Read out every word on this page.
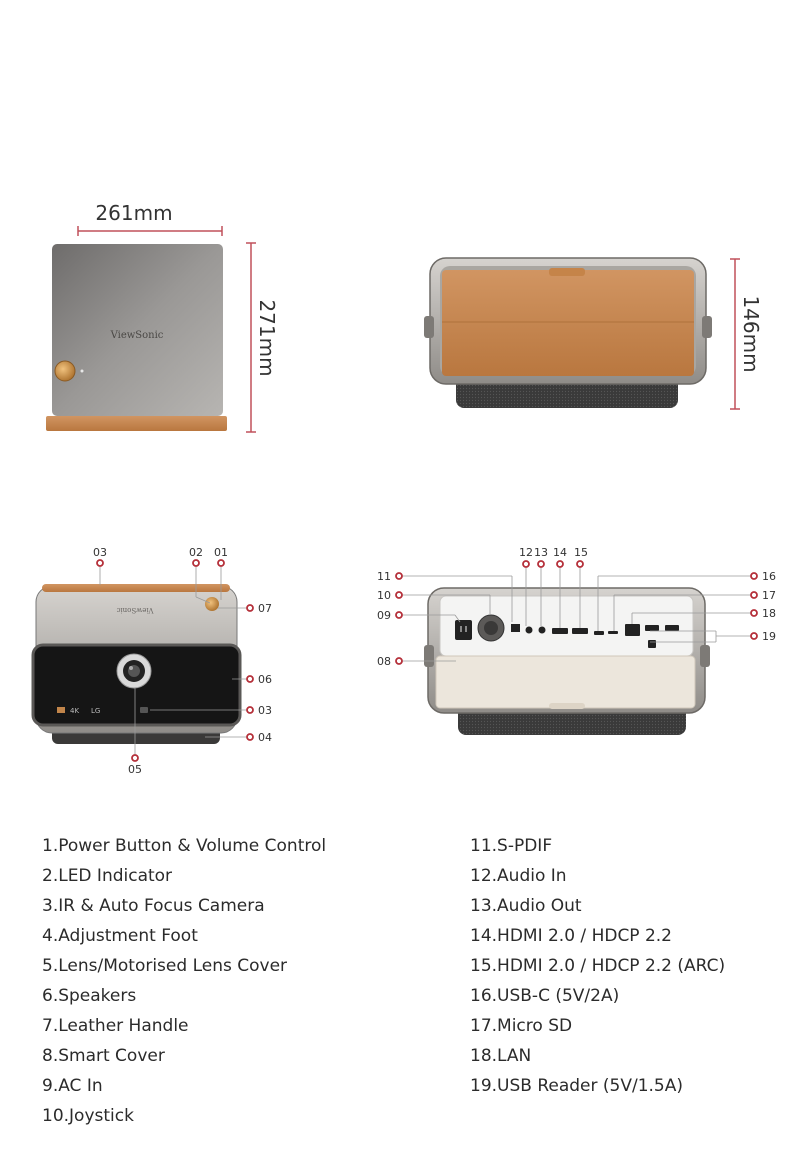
261mm
ViewSonic	271mm	146mm
ViewSonic
4K LG
03	02 01
07
06
03
04
05
12 13 14 15
11
10
09
08
16
17
18
19
1.Power Button & Volume Control
2.LED Indicator
3.IR & Auto Focus Camera
4.Adjustment Foot
5.Lens/Motorised Lens Cover
6.Speakers
7.Leather Handle
8.Smart Cover
9.AC In
10.Joystick
11.S-PDIF
12.Audio In
13.Audio Out
14.HDMI 2.0 / HDCP 2.2
15.HDMI 2.0 / HDCP 2.2 (ARC)
16.USB-C (5V/2A)
17.Micro SD
18.LAN
19.USB Reader (5V/1.5A)
